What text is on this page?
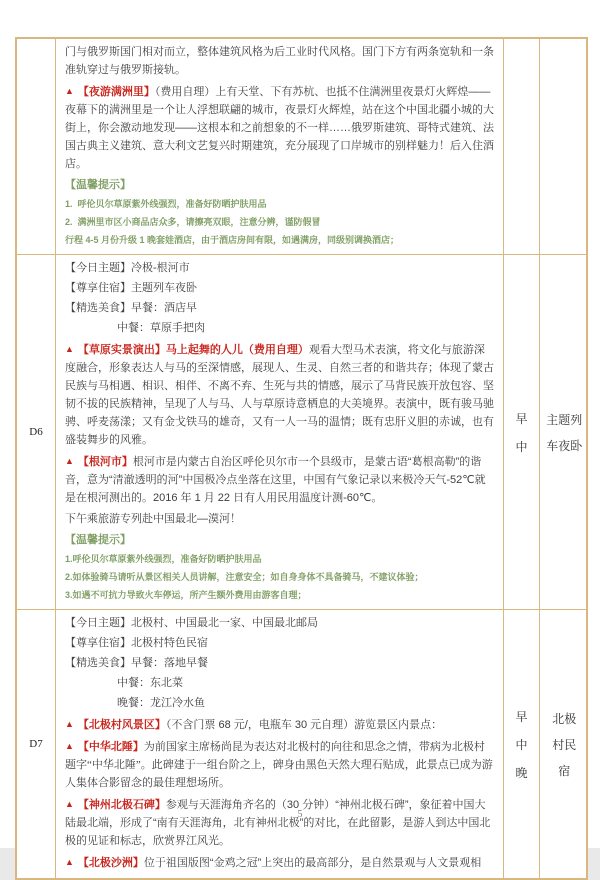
门与俄罗斯国门相对而立，整体建筑风格为后工业时代风格。国门下方有两条宽轨和一条准轨穿过与俄罗斯接轨。

▲ 【夜游满洲里】（费用自理）上有天堂、下有苏杭、也抵不住满洲里夜景灯火辉煌——夜幕下的满洲里是一个让人浮想联翩的城市，夜景灯火辉煌，站在这个中国北疆小城的大街上，你会激动地发现——这根本和之前想象的不一样……俄罗斯建筑、哥特式建筑、法国古典主义建筑、意大利文艺复兴时期建筑，充分展现了口岸城市的别样魅力！后入住酒店。

【温馨提示】

1.  呼伦贝尔草原紫外线强烈，准备好防晒护肤用品

2.  满洲里市区小商品店众多，请擦亮双眼，注意分辨，谨防假冒

行程 4-5 月份升级 1 晚套娃酒店，由于酒店房间有限，如遇满房，同级别调换酒店；

D6

【今日主题】冷极-根河市

【尊享住宿】主题列车夜卧

【精选美食】早餐：酒店早

中餐：草原手把肉

▲ 【草原实景演出】马上起舞的人儿（费用自理）观看大型马术表演，将文化与旅游深度融合，形象表达人与马的至深情感，展现人、生灵、自然三者的和谐共存；体现了蒙古民族与马相遇、相识、相伴、不离不弃、生死与共的情感，展示了马背民族开放包容、坚韧不拔的民族精神，呈现了人与马、人与草原诗意栖息的大美境界。表演中，既有骏马驰骋、呼麦荡漾；又有金戈铁马的雄奇，又有一人一马的温情；既有忠肝义胆的赤诚，也有盛装舞步的风雅。

▲ 【根河市】根河市是内蒙古自治区呼伦贝尔市一个县级市，是蒙古语“葛根高勒”的谐音，意为“清澈透明的河”中国极冷点坐落在这里，中国有气象记录以来极冷天气-52℃就是在根河测出的。2016 年 1 月 22 日有人用民用温度计测-60℃。

下午乘旅游专列赴中国最北—漠河！

【温馨提示】

1.呼伦贝尔草原紫外线强烈，准备好防晒护肤用品

2.如体验骑马请听从景区相关人员讲解，注意安全；如自身身体不具备骑马，不建议体验；

3.如遇不可抗力导致火车停运，所产生额外费用由游客自理；

早
中
主题列
车夜卧
D7

【今日主题】北极村、中国最北一家、中国最北邮局

【尊享住宿】北极村特色民宿

【精选美食】早餐：落地早餐

中餐：东北菜

晚餐：龙江冷水鱼

▲ 【北极村风景区】（不含门票 68 元/，电瓶车 30 元自理）游览景区内景点：

▲ 【中华北陲】为前国家主席杨尚昆为表达对北极村的向往和思念之情，带病为北极村题字“中华北陲”。此碑建于一组台阶之上，碑身由黑色天然大理石贴成，此景点已成为游人集体合影留念的最佳理想场所。

▲ 【神州北极石碑】参观与天涯海角齐名的（30 分钟）“神州北极石碑”，象征着中国大陆最北端，形成了“南有天涯海角，北有神州北极”的对比，在此留影，是游人到达中国北极的见证和标志，欣赏界江风光。

▲ 【北极沙洲】位于祖国版图“金鸡之冠”上突出的最高部分，是自然景观与人文景观相

早
中
晚
北极
村民
宿
5
